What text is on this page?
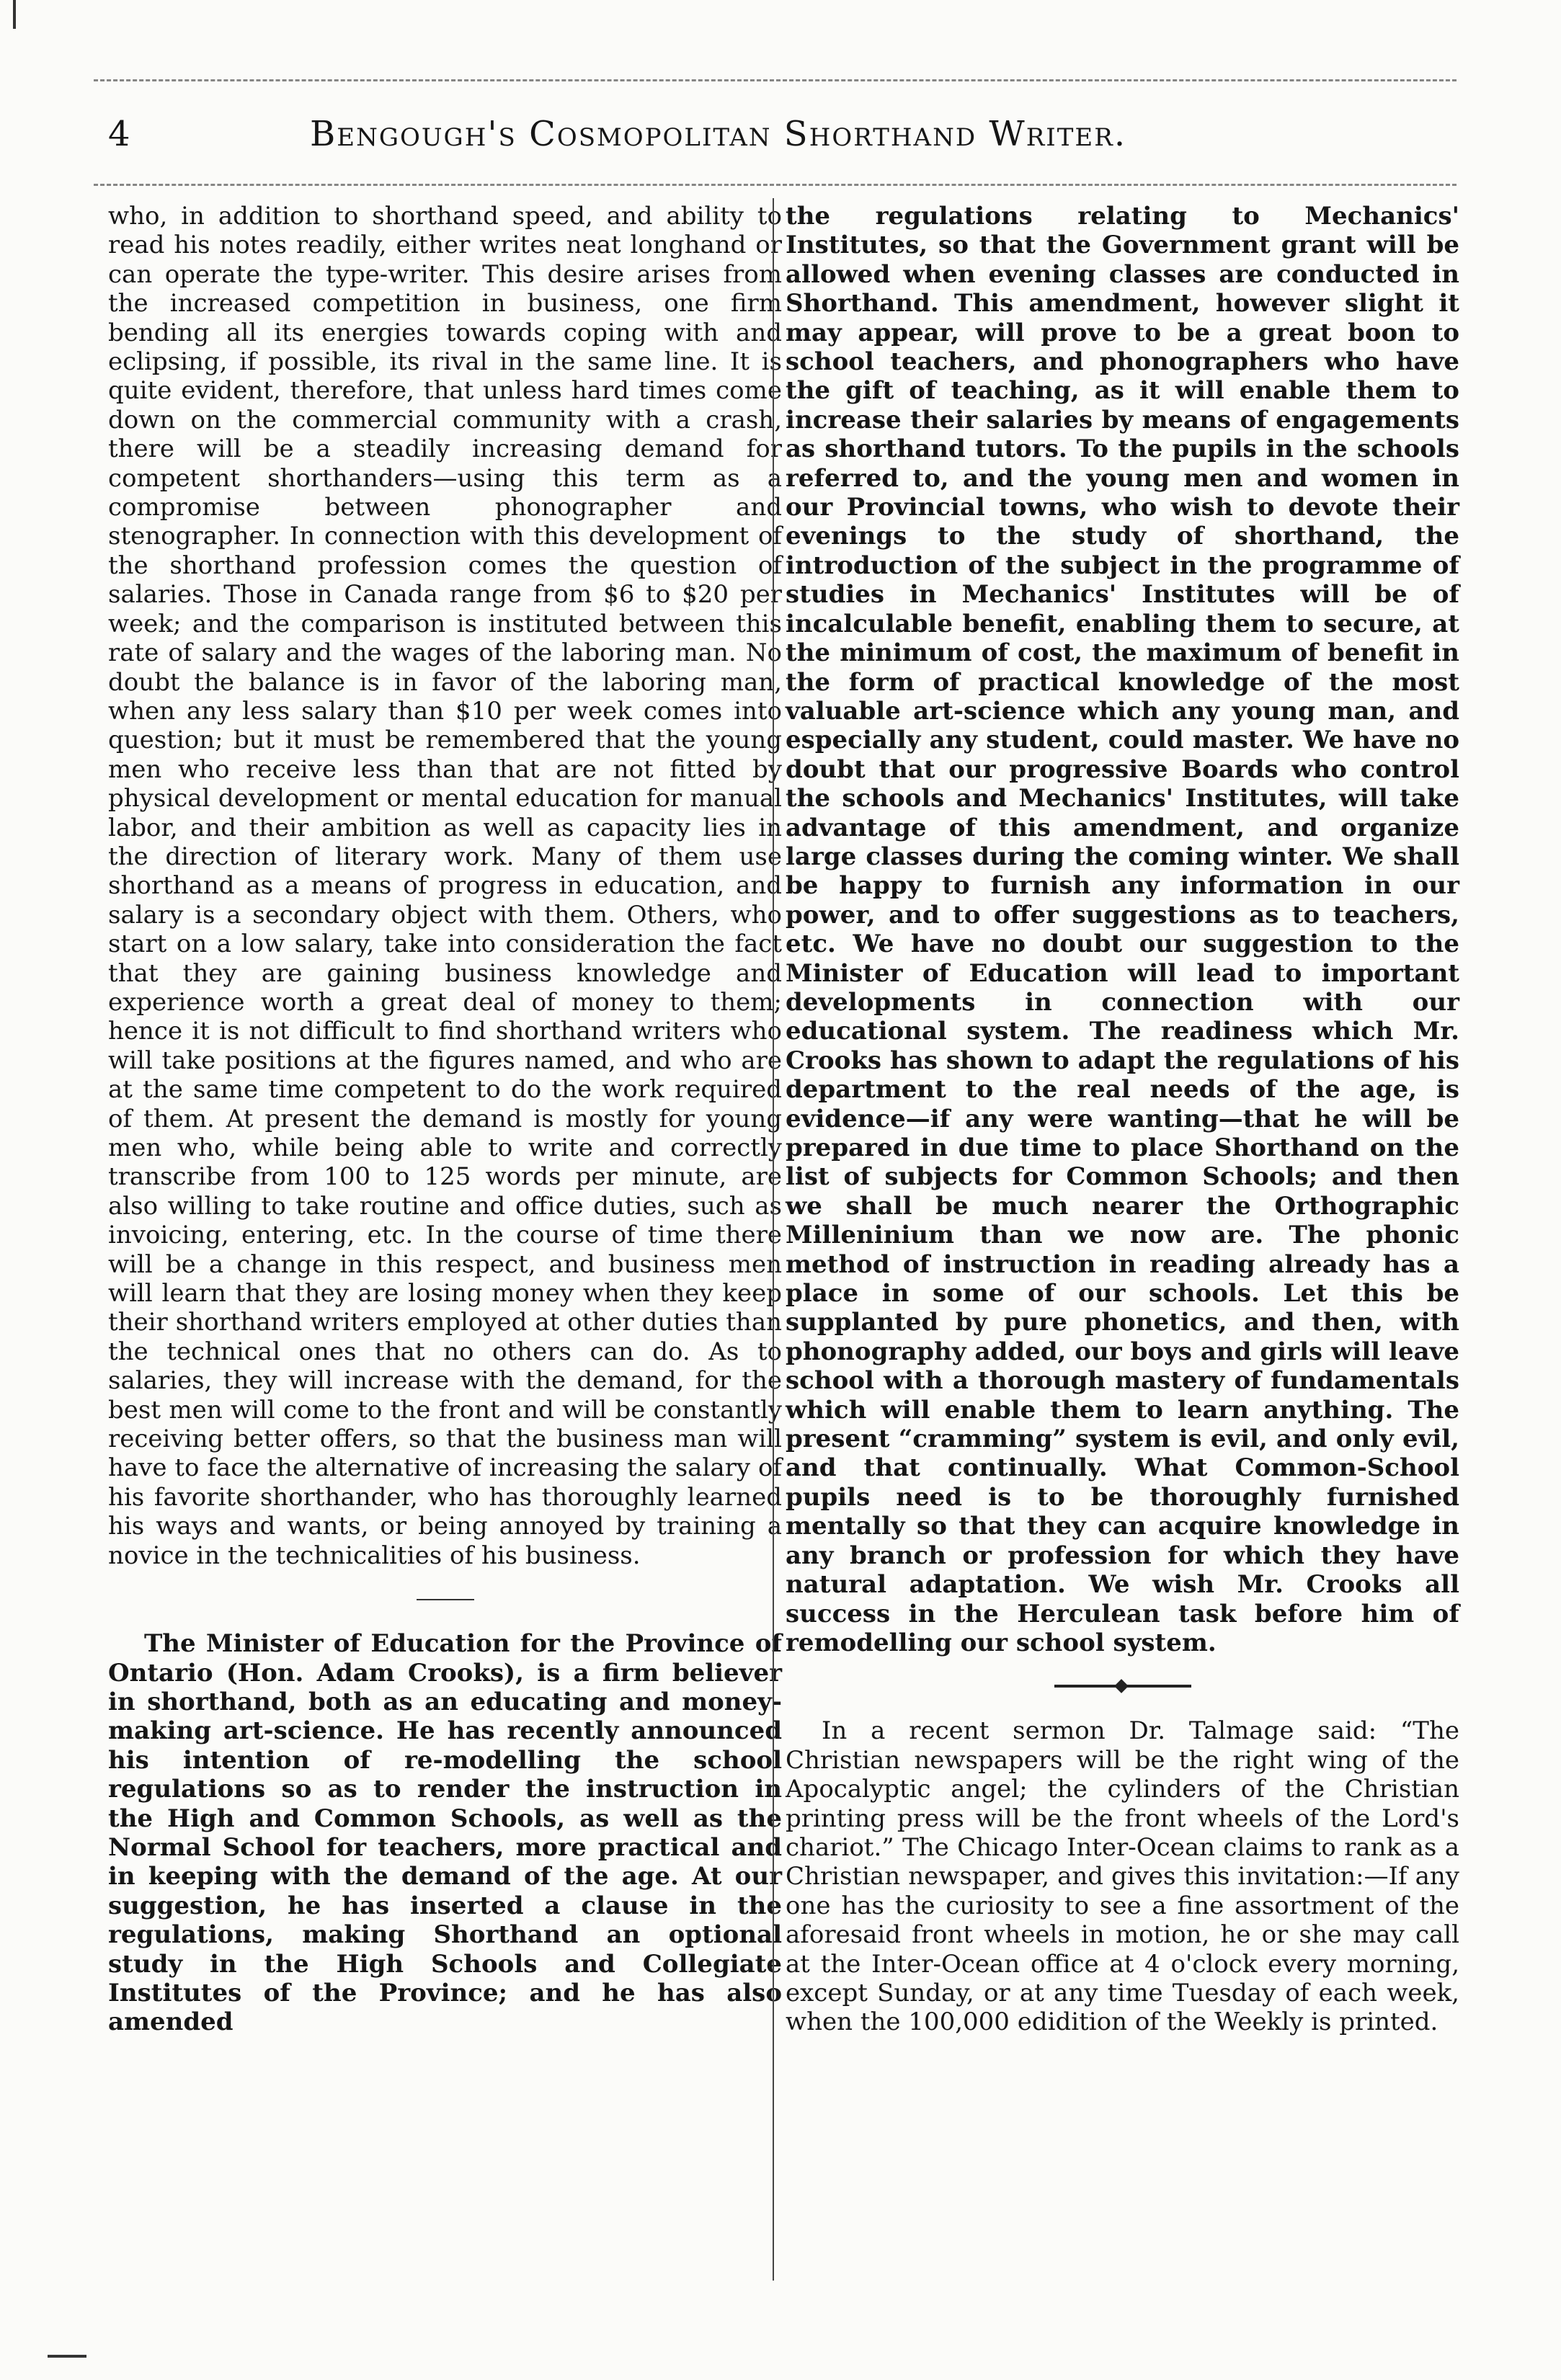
4	Bengough's Cosmopolitan Shorthand Writer.

who, in addition to shorthand speed, and ability to read his notes readily, either writes neat longhand or can operate the type-writer. This desire arises from the increased competition in business, one firm bending all its energies towards coping with and eclipsing, if possible, its rival in the same line. It is quite evident, therefore, that unless hard times come down on the commercial community with a crash, there will be a steadily increasing demand for competent shorthanders—using this term as a compromise between phonographer and stenographer. In connection with this development of the shorthand profession comes the question of salaries. Those in Canada range from $6 to $20 per week; and the comparison is instituted between this rate of salary and the wages of the laboring man. No doubt the balance is in favor of the laboring man, when any less salary than $10 per week comes into question; but it must be remembered that the young men who receive less than that are not fitted by physical development or mental education for manual labor, and their ambition as well as capacity lies in the direction of literary work. Many of them use shorthand as a means of progress in education, and salary is a secondary object with them. Others, who start on a low salary, take into consideration the fact that they are gaining business knowledge and experience worth a great deal of money to them; hence it is not difficult to find shorthand writers who will take positions at the figures named, and who are at the same time competent to do the work required of them. At present the demand is mostly for young men who, while being able to write and correctly transcribe from 100 to 125 words per minute, are also willing to take routine and office duties, such as invoicing, entering, etc. In the course of time there will be a change in this respect, and business men will learn that they are losing money when they keep their shorthand writers employed at other duties than the technical ones that no others can do. As to salaries, they will increase with the demand, for the best men will come to the front and will be constantly receiving better offers, so that the business man will have to face the alternative of increasing the salary of his favorite shorthander, who has thoroughly learned his ways and wants, or being annoyed by training a novice in the technicalities of his business.

The Minister of Education for the Province of Ontario (Hon. Adam Crooks), is a firm believer in shorthand, both as an educating and money-making art-science. He has recently announced his intention of re-modelling the school regulations so as to render the instruction in the High and Common Schools, as well as the Normal School for teachers, more practical and in keeping with the demand of the age. At our suggestion, he has inserted a clause in the regulations, making Shorthand an optional study in the High Schools and Collegiate Institutes of the Province; and he has also amended

the regulations relating to Mechanics' Institutes, so that the Government grant will be allowed when evening classes are conducted in Shorthand. This amendment, however slight it may appear, will prove to be a great boon to school teachers, and phonographers who have the gift of teaching, as it will enable them to increase their salaries by means of engagements as shorthand tutors. To the pupils in the schools referred to, and the young men and women in our Provincial towns, who wish to devote their evenings to the study of shorthand, the introduction of the subject in the programme of studies in Mechanics' Institutes will be of incalculable benefit, enabling them to secure, at the minimum of cost, the maximum of benefit in the form of practical knowledge of the most valuable art-science which any young man, and especially any student, could master. We have no doubt that our progressive Boards who control the schools and Mechanics' Institutes, will take advantage of this amendment, and organize large classes during the coming winter. We shall be happy to furnish any information in our power, and to offer suggestions as to teachers, etc. We have no doubt our suggestion to the Minister of Education will lead to important developments in connection with our educational system. The readiness which Mr. Crooks has shown to adapt the regulations of his department to the real needs of the age, is evidence—if any were wanting—that he will be prepared in due time to place Shorthand on the list of subjects for Common Schools; and then we shall be much nearer the Orthographic Milleninium than we now are. The phonic method of instruction in reading already has a place in some of our schools. Let this be supplanted by pure phonetics, and then, with phonography added, our boys and girls will leave school with a thorough mastery of fundamentals which will enable them to learn anything. The present “cramming” system is evil, and only evil, and that continually. What Common-School pupils need is to be thoroughly furnished mentally so that they can acquire knowledge in any branch or profession for which they have natural adaptation. We wish Mr. Crooks all success in the Herculean task before him of remodelling our school system.

In a recent sermon Dr. Talmage said: “The Christian newspapers will be the right wing of the Apocalyptic angel; the cylinders of the Christian printing press will be the front wheels of the Lord's chariot.” The Chicago Inter-Ocean claims to rank as a Christian newspaper, and gives this invitation:—If any one has the curiosity to see a fine assortment of the aforesaid front wheels in motion, he or she may call at the Inter-Ocean office at 4 o'clock every morning, except Sunday, or at any time Tuesday of each week, when the 100,000 edidition of the Weekly is printed.
